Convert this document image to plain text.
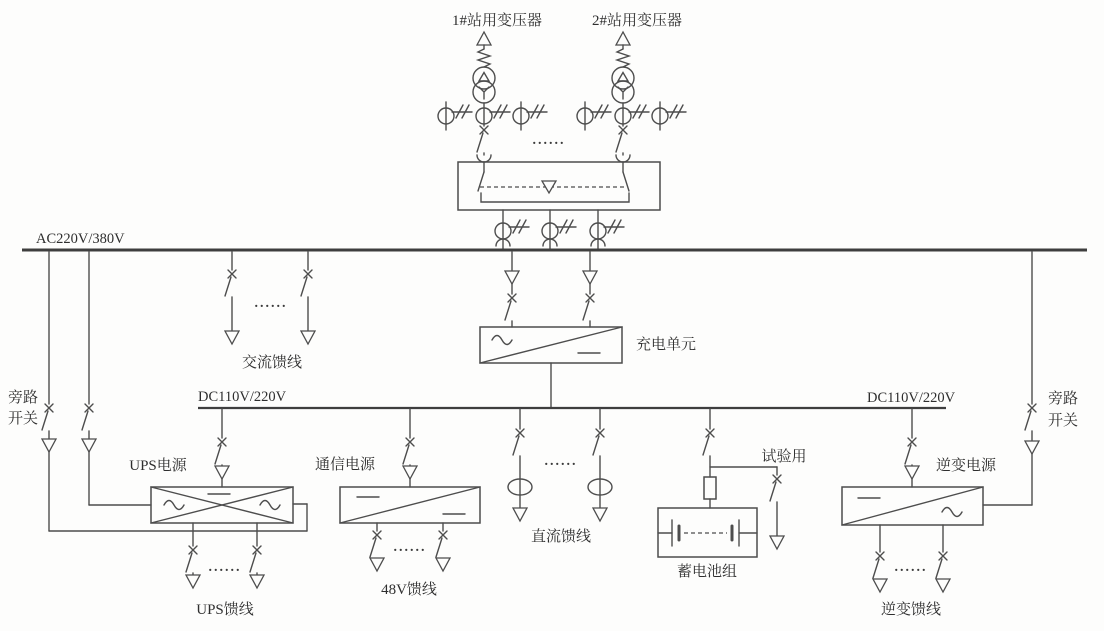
1#站用变压器	2#站用变压器
......
AC220V/380V
......
交流馈线
充电单元
DC110V/220V	DC110V/220V
旁路
开关
UPS电源
......
UPS馈线
通信电源
......
48V馈线
......
直流馈线
蓄电池组
试验用
逆变电源
......
逆变馈线
旁路
开关
